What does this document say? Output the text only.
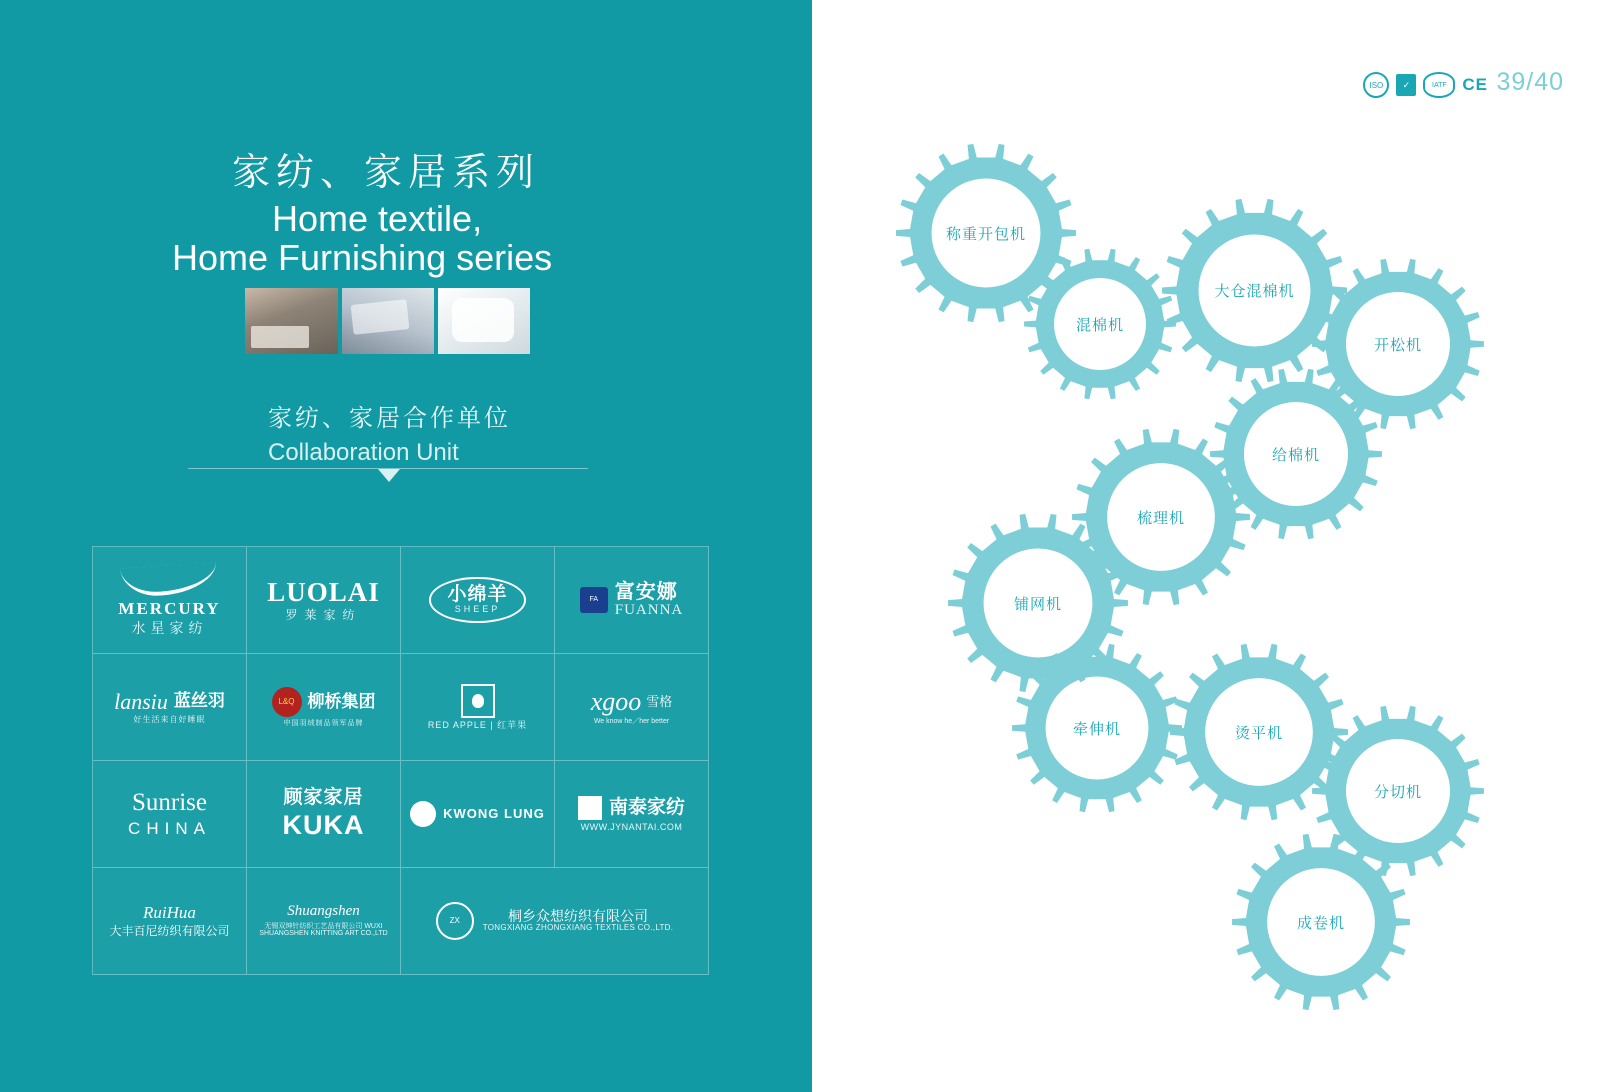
家纺、家居系列
Home textile,
Home Furnishing series
家纺、家居合作单位
Collaboration Unit
MERCURY
水星家纺
LUOLAI
罗莱家纺
小绵羊
SHEEP
FA 富安娜
FUANNA
lansiu 蓝丝羽
好生活来自好睡眠
L&Q 柳桥集团
中国羽绒制品领军品牌	RED APPLE | 红苹果
xgoo 雪格
We know he／her better
Sunrise
CHINA
顾家家居
KUKA	KWONG LUNG	南泰家纺
WWW.JYNANTAI.COM
RuiHua
大丰百尼纺织有限公司
Shuangshen
无锡双绅针纺织工艺品有限公司 WUXI SHUANGSHEN KNITTING ART CO.,LTD
ZX	桐乡众想纺织有限公司
TONGXIANG ZHONGXIANG TEXTILES CO.,LTD.
ISO	✓	IATF CE 39/40
称重开包机
混棉机
大仓混棉机
开松机
给棉机
梳理机
铺网机
牵伸机	烫平机
分切机
成卷机
